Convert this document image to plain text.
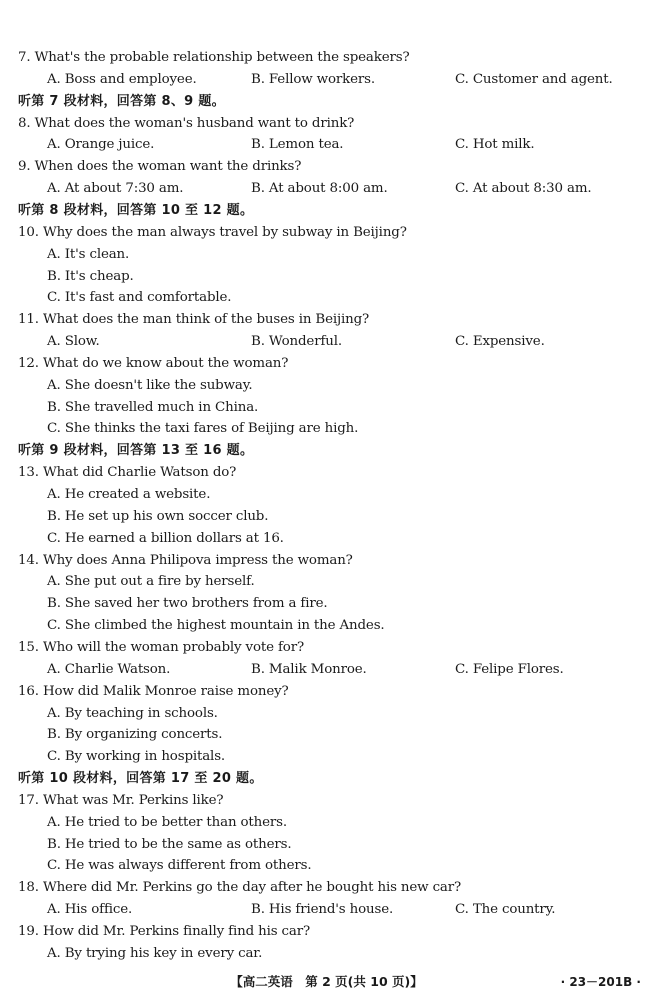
7. What's the probable relationship between the speakers?
A. Boss and employee.	B. Fellow workers.	C. Customer and agent.
听第 7 段材料，回答第 8、9 题。
8. What does the woman's husband want to drink?
A. Orange juice.	B. Lemon tea.	C. Hot milk.
9. When does the woman want the drinks?
A. At about 7:30 am.	B. At about 8:00 am.	C. At about 8:30 am.
听第 8 段材料，回答第 10 至 12 题。
10. Why does the man always travel by subway in Beijing?
A. It's clean.
B. It's cheap.
C. It's fast and comfortable.
11. What does the man think of the buses in Beijing?
A. Slow.	B. Wonderful.	C. Expensive.
12. What do we know about the woman?
A. She doesn't like the subway.
B. She travelled much in China.
C. She thinks the taxi fares of Beijing are high.
听第 9 段材料，回答第 13 至 16 题。
13. What did Charlie Watson do?
A. He created a website.
B. He set up his own soccer club.
C. He earned a billion dollars at 16.
14. Why does Anna Philipova impress the woman?
A. She put out a fire by herself.
B. She saved her two brothers from a fire.
C. She climbed the highest mountain in the Andes.
15. Who will the woman probably vote for?
A. Charlie Watson.	B. Malik Monroe.	C. Felipe Flores.
16. How did Malik Monroe raise money?
A. By teaching in schools.
B. By organizing concerts.
C. By working in hospitals.
听第 10 段材料，回答第 17 至 20 题。
17. What was Mr. Perkins like?
A. He tried to be better than others.
B. He tried to be the same as others.
C. He was always different from others.
18. Where did Mr. Perkins go the day after he bought his new car?
A. His office.	B. His friend's house.	C. The country.
19. How did Mr. Perkins finally find his car?
A. By trying his key in every car.
【高二英语　第 2 页(共 10 页)】	· 23－201B ·
